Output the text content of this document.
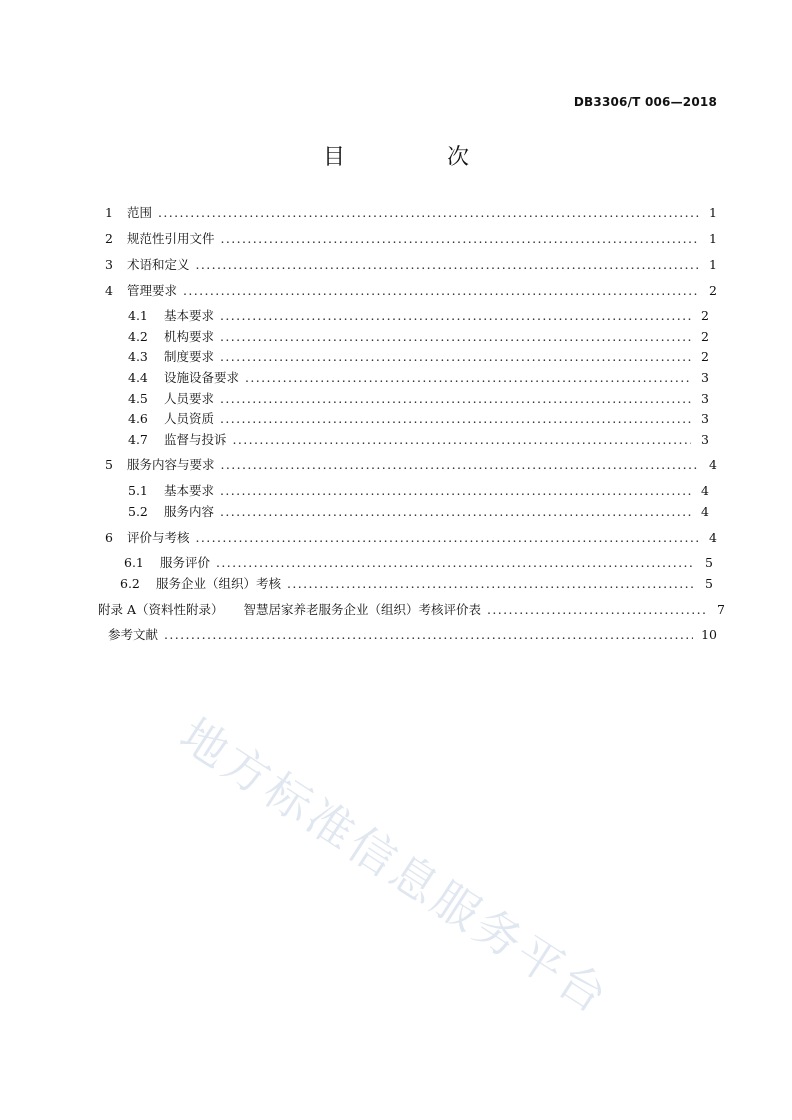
DB3306/T 006—2018
目　次
1	范围 .....	1
2	规范性引用文件 .....	1
3	术语和定义 .....	1
4	管理要求 .....	2
4.1	基本要求 .....	2
4.2	机构要求 .....	2
4.3	制度要求 .....	2
4.4	设施设备要求 .....	3
4.5	人员要求 .....	3
4.6	人员资质 .....	3
4.7	监督与投诉 .....	3
5	服务内容与要求 .....	4
5.1	基本要求 .....	4
5.2	服务内容 .....	4
6	评价与考核 .....	4
6.1	服务评价 .....	5
6.2	服务企业（组织）考核 .....	5
附录 A（资料性附录） 智慧居家养老服务企业（组织）考核评价表 .....	7
参考文献 .....	10
地方标准信息服务平台
